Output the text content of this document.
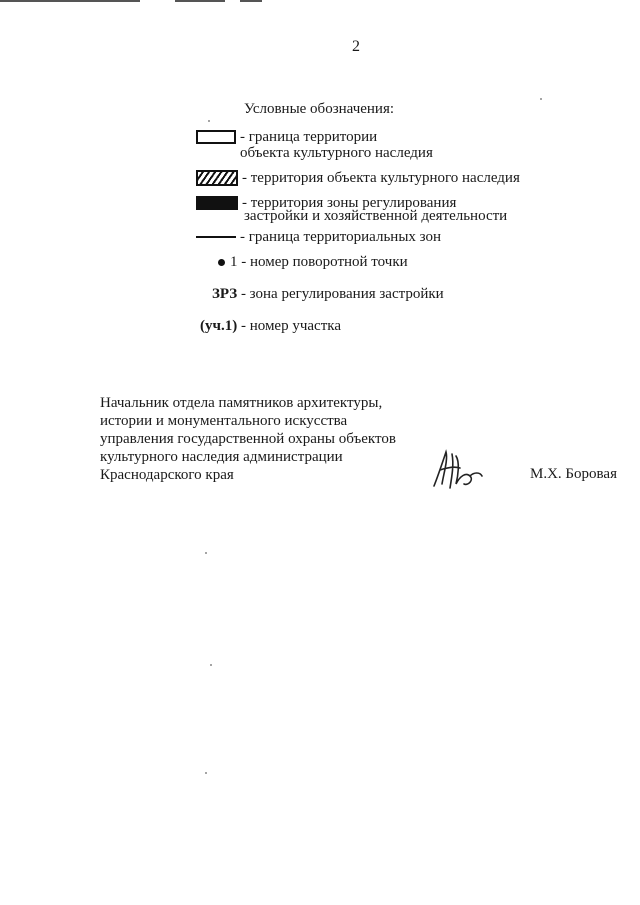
2
Условные обозначения:
- граница территории
объекта культурного наследия
- территория объекта культурного наследия
- территория зоны регулирования
застройки и хозяйственной деятельности
- граница территориальных зон
1 - номер поворотной точки
ЗРЗ - зона регулирования застройки
(уч.1) - номер участка
Начальник отдела памятников архитектуры,
истории и монументального искусства
управления государственной охраны объектов
культурного наследия администрации
Краснодарского края	М.Х. Боровая
